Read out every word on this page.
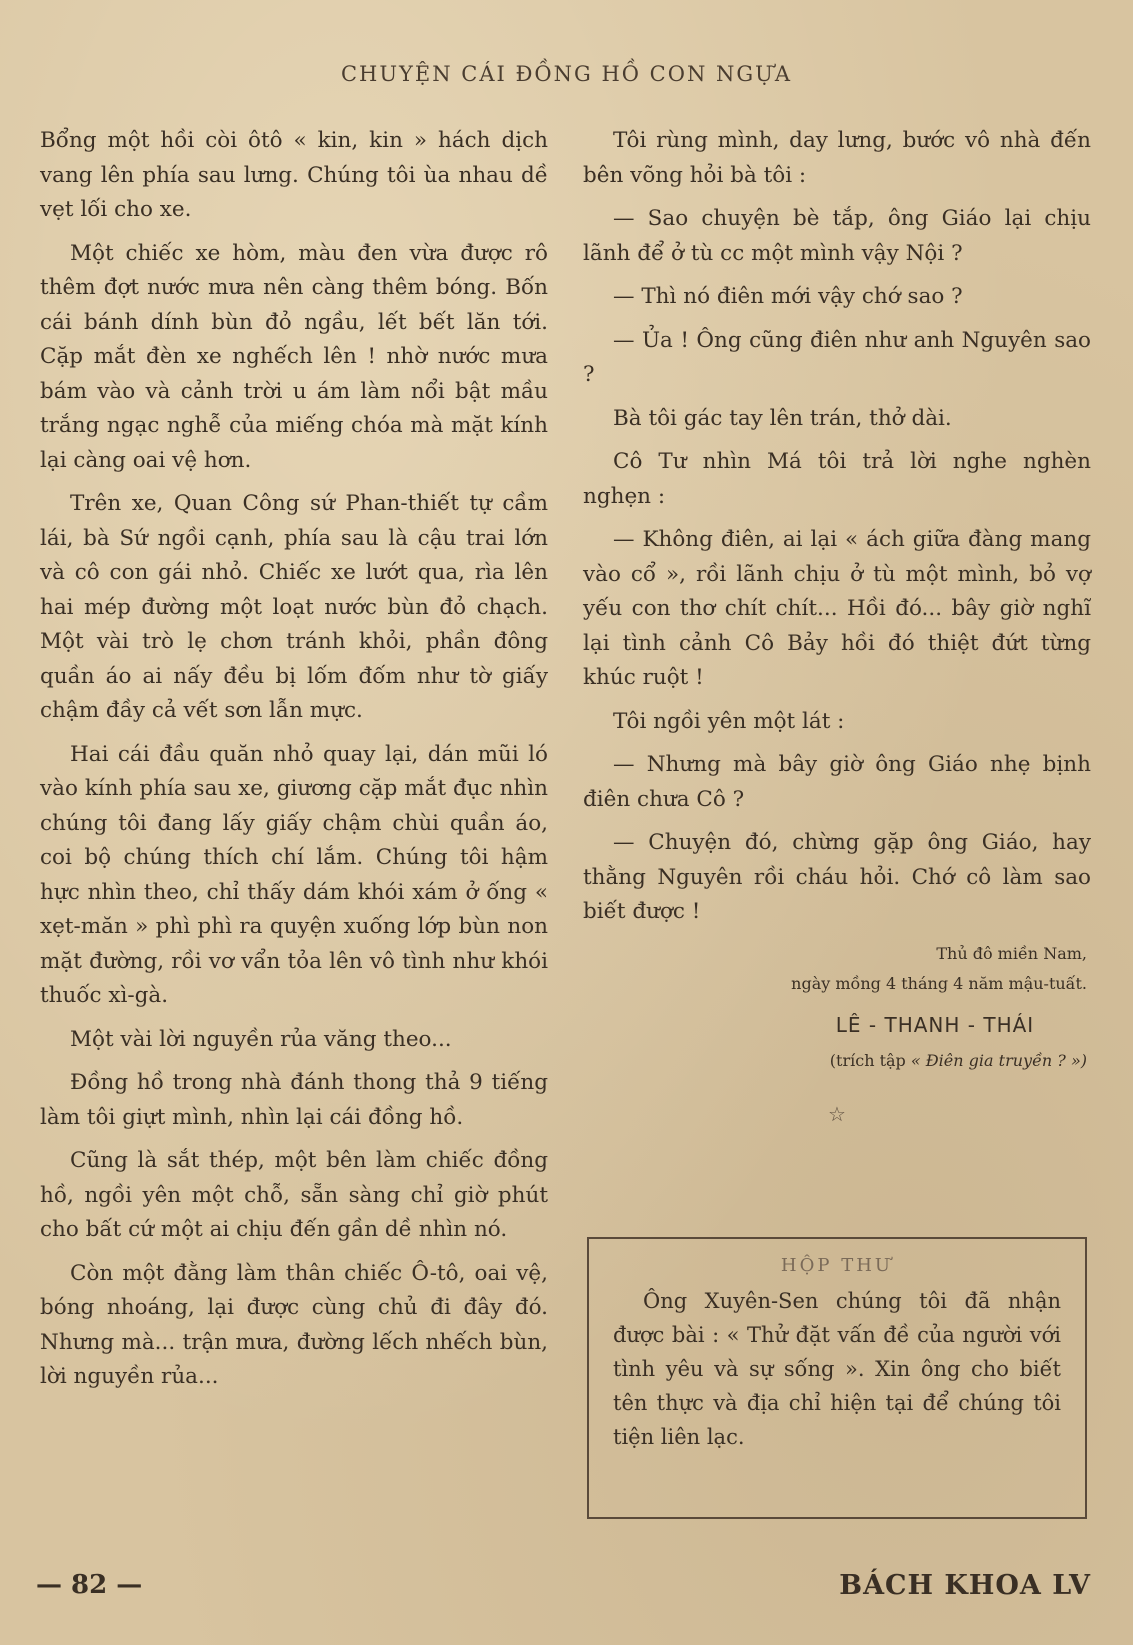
CHUYỆN CÁI ĐỒNG HỒ CON NGỰA

Bổng một hồi còi ôtô « kin, kin » hách dịch vang lên phía sau lưng. Chúng tôi ùa nhau dề vẹt lối cho xe.

Một chiếc xe hòm, màu đen vừa được rô thêm đợt nước mưa nên càng thêm bóng. Bốn cái bánh dính bùn đỏ ngầu, lết bết lăn tới. Cặp mắt đèn xe nghếch lên ! nhờ nước mưa bám vào và cảnh trời u ám làm nổi bật mầu trắng ngạc nghễ của miếng chóa mà mặt kính lại càng oai vệ hơn.

Trên xe, Quan Công sứ Phan-thiết tự cầm lái, bà Sứ ngồi cạnh, phía sau là cậu trai lớn và cô con gái nhỏ. Chiếc xe lướt qua, rìa lên hai mép đường một loạt nước bùn đỏ chạch. Một vài trò lẹ chơn tránh khỏi, phần đông quần áo ai nấy đều bị lốm đốm như tờ giấy chậm đầy cả vết sơn lẫn mực.

Hai cái đầu quăn nhỏ quay lại, dán mũi ló vào kính phía sau xe, giương cặp mắt đục nhìn chúng tôi đang lấy giấy chậm chùi quần áo, coi bộ chúng thích chí lắm. Chúng tôi hậm hực nhìn theo, chỉ thấy dám khói xám ở ống « xẹt-măn » phì phì ra quyện xuống lớp bùn non mặt đường, rồi vơ vẩn tỏa lên vô tình như khói thuốc xì-gà.

Một vài lời nguyền rủa văng theo...

Đồng hồ trong nhà đánh thong thả 9 tiếng làm tôi giựt mình, nhìn lại cái đồng hồ.

Cũng là sắt thép, một bên làm chiếc đồng hồ, ngồi yên một chỗ, sẵn sàng chỉ giờ phút cho bất cứ một ai chịu đến gần dề nhìn nó.

Còn một đằng làm thân chiếc Ô-tô, oai vệ, bóng nhoáng, lại được cùng chủ đi đây đó. Nhưng mà... trận mưa, đường lếch nhếch bùn, lời nguyền rủa...

Tôi rùng mình, day lưng, bước vô nhà đến bên võng hỏi bà tôi :

— Sao chuyện bè tắp, ông Giáo lại chịu lãnh để ở tù cc một mình vậy Nội ?

— Thì nó điên mới vậy chớ sao ?

— Ủa ! Ông cũng điên như anh Nguyên sao ?

Bà tôi gác tay lên trán, thở dài.

Cô Tư nhìn Má tôi trả lời nghe nghèn nghẹn :

— Không điên, ai lại « ách giữa đàng mang vào cổ », rồi lãnh chịu ở tù một mình, bỏ vợ yếu con thơ chít chít... Hồi đó... bây giờ nghĩ lại tình cảnh Cô Bảy hồi đó thiệt đứt từng khúc ruột !

Tôi ngồi yên một lát :

— Nhưng mà bây giờ ông Giáo nhẹ bịnh điên chưa Cô ?

— Chuyện đó, chừng gặp ông Giáo, hay thằng Nguyên rồi cháu hỏi. Chớ cô làm sao biết được !

Thủ đô miền Nam,
ngày mồng 4 tháng 4 năm mậu-tuất.
LÊ - THANH - THÁI
(trích tập « Điên gia truyền ? »)
☆
HỘP THƯ

Ông Xuyên-Sen chúng tôi đã nhận được bài : « Thử đặt vấn đề của người với tình yêu và sự sống ». Xin ông cho biết tên thực và địa chỉ hiện tại để chúng tôi tiện liên lạc.

— 82 —	BÁCH KHOA LV
